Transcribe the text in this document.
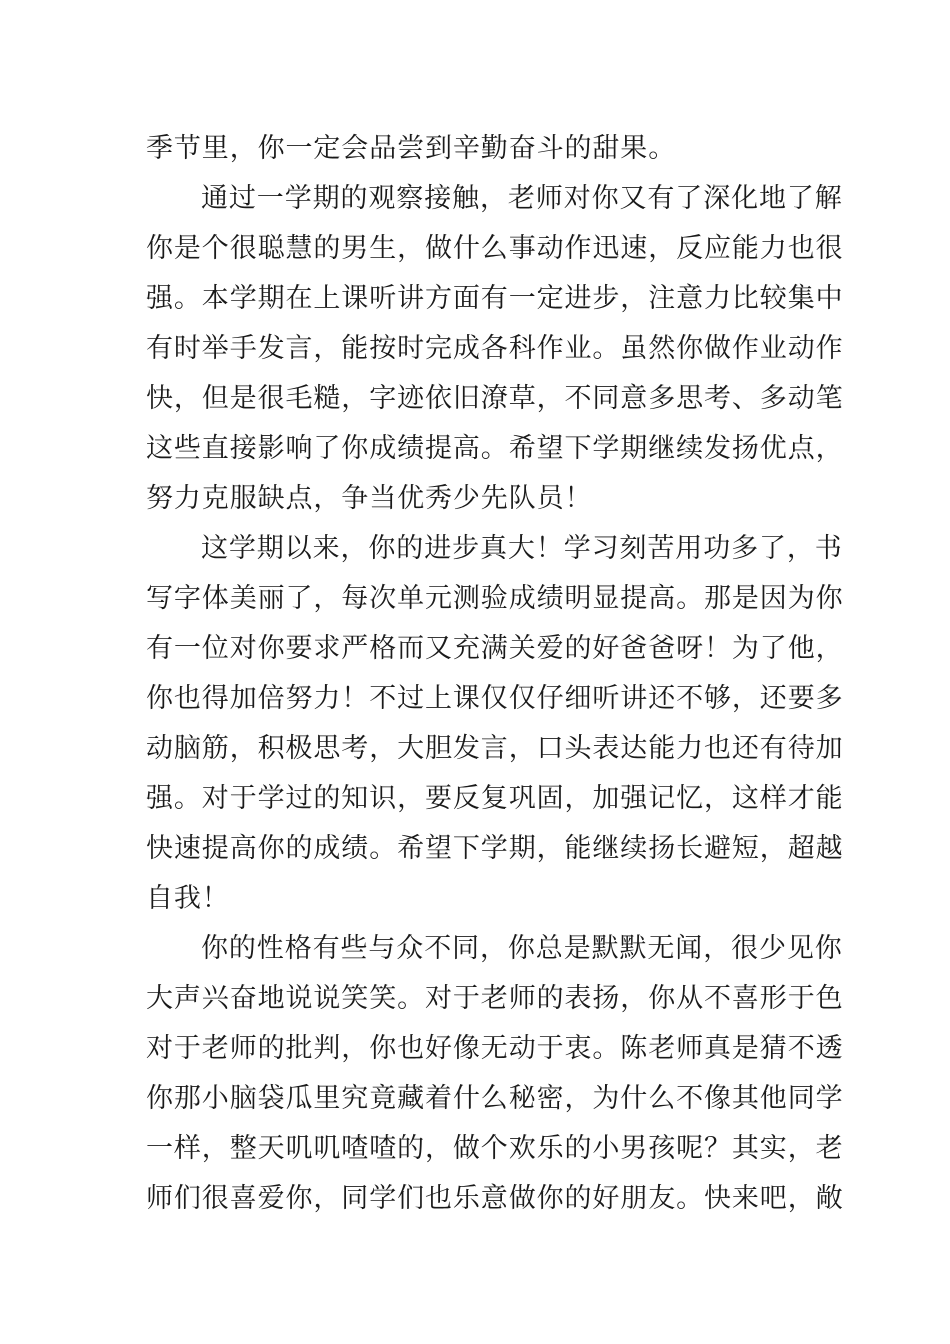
季节里，你一定会品尝到辛勤奋斗的甜果。
通过一学期的观察接触，老师对你又有了深化地了解
你是个很聪慧的男生，做什么事动作迅速，反应能力也很
强。本学期在上课听讲方面有一定进步，注意力比较集中
有时举手发言，能按时完成各科作业。虽然你做作业动作
快，但是很毛糙，字迹依旧潦草，不同意多思考、多动笔
这些直接影响了你成绩提高。希望下学期继续发扬优点，
努力克服缺点，争当优秀少先队员！
这学期以来，你的进步真大！学习刻苦用功多了，书
写字体美丽了，每次单元测验成绩明显提高。那是因为你
有一位对你要求严格而又充满关爱的好爸爸呀！为了他，
你也得加倍努力！不过上课仅仅仔细听讲还不够，还要多
动脑筋，积极思考，大胆发言，口头表达能力也还有待加
强。对于学过的知识，要反复巩固，加强记忆，这样才能
快速提高你的成绩。希望下学期，能继续扬长避短，超越
自我！
你的性格有些与众不同，你总是默默无闻，很少见你
大声兴奋地说说笑笑。对于老师的表扬，你从不喜形于色
对于老师的批判，你也好像无动于衷。陈老师真是猜不透
你那小脑袋瓜里究竟藏着什么秘密，为什么不像其他同学
一样，整天叽叽喳喳的，做个欢乐的小男孩呢？其实，老
师们很喜爱你，同学们也乐意做你的好朋友。快来吧，敞
